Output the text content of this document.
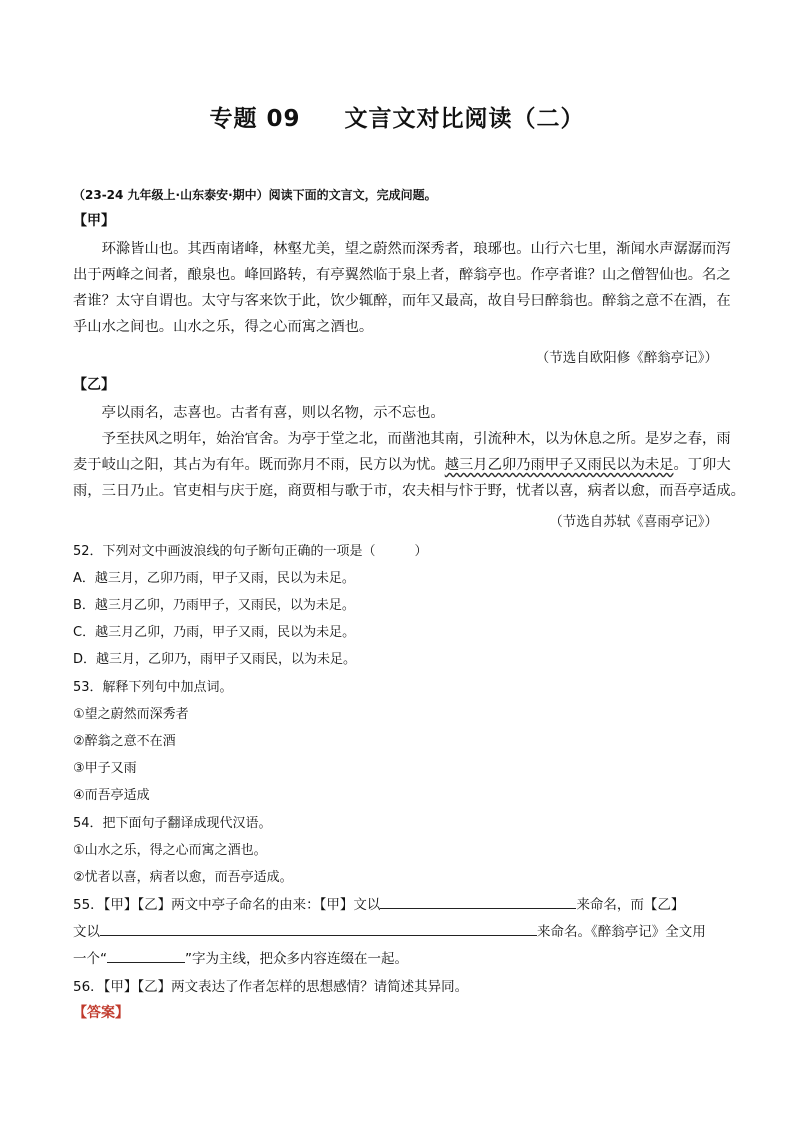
专题 09 文言文对比阅读（二）
（23-24 九年级上·山东泰安·期中）阅读下面的文言文，完成问题。
【甲】
　　环滁皆山也。其西南诸峰，林壑尤美，望之蔚然而深秀者，琅琊也。山行六七里，渐闻水声潺潺而泻
出于两峰之间者，酿泉也。峰回路转，有亭翼然临于泉上者，醉翁亭也。作亭者谁？山之僧智仙也。名之
者谁？太守自谓也。太守与客来饮于此，饮少辄醉，而年又最高，故自号曰醉翁也。醉翁之意不在酒，在
乎山水之间也。山水之乐，得之心而寓之酒也。
（节选自欧阳修《醉翁亭记》）
【乙】
　　亭以雨名，志喜也。古者有喜，则以名物，示不忘也。
　　予至扶风之明年，始治官舍。为亭于堂之北，而凿池其南，引流种木，以为休息之所。是岁之春，雨
麦于岐山之阳，其占为有年。既而弥月不雨，民方以为忧。越三月乙卯乃雨甲子又雨民以为未足。丁卯大
雨，三日乃止。官吏相与庆于庭，商贾相与歌于市，农夫相与忭于野，忧者以喜，病者以愈，而吾亭适成。
（节选自苏轼《喜雨亭记》）
52．下列对文中画波浪线的句子断句正确的一项是（　　　）
A．越三月，乙卯乃雨，甲子又雨，民以为未足。
B．越三月乙卯，乃雨甲子，又雨民，以为未足。
C．越三月乙卯，乃雨，甲子又雨，民以为未足。
D．越三月，乙卯乃，雨甲子又雨民，以为未足。
53．解释下列句中加点词。
①望之蔚然而深秀者
②醉翁之意不在酒
③甲子又雨
④而吾亭适成
54．把下面句子翻译成现代汉语。
①山水之乐，得之心而寓之酒也。
②忧者以喜，病者以愈，而吾亭适成。
55．【甲】【乙】两文中亭子命名的由来：【甲】文以	来命名，而【乙】
文以	来命名。《醉翁亭记》全文用
一个“	”字为主线，把众多内容连缀在一起。
56．【甲】【乙】两文表达了作者怎样的思想感情？请简述其异同。
【答案】
